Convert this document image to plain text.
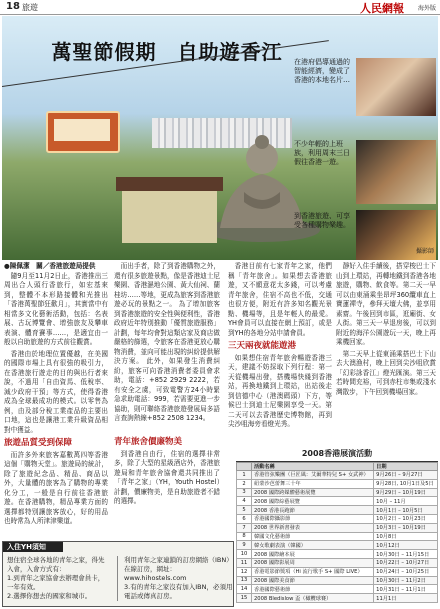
18 旅遊	人民網報 海外版
萬聖節假期　自助遊香江	在港府倡導通過的智能經濟，變成了香港的本地名片…
不少年輕的上班族，利用周末三日假往香港一遊。
到香港旅遊、可享受各種購物樂趣。
攝影師
●陳佩潔　關／香港旅遊局提供

隨9月至11月2日止，香港推出三周出合人頭行香旅行，如宏基來到，整體不本形路接體和光推出「香港萬聖節狂歡月」，其實當中有相當多文化藝術活動，包括：名表展、古玩博覽會、增強旅友及攀車表演、體育賽事……，是適宜由一般以自助旅遊的方式前往觀賞。

香港由於地理位置優越，在美國的國際市場上具有很強的吸引力，在香港旅行遊走的目的與出行者來說，不過用「自由資馬、低稅率、減少政府干預」等方式，使得香港成為全球最成功的模式。以零售為例，由及部分稅工業產品的主要出口地，這也是讓港工業升級資品相對中獲益。

旅遊品質受到保障

而許多外來旅客嘉數萬四等香港這個「購物天堂」。旅遊局的統計，除了旅遊紀念品、精品、商品以外，大量體的旅客為了購物的專業化分工，一般是自行前往香港旅遊。在香港購物，精品專業方面的選擇都特別讓旅客放心，好的用品也時常為人所津津樂道。

而出手者，除了到香港購物之外，還有很多旅遊景點，像是香港迪士尼樂園、香港濕地公園、黃大仙祠、蘭桂坊……等地，更成為旅客到香港旅遊必玩的景點之一。 為了增加旅客到香港旅遊的安全性與便利性，香港政府近年特別推動「優質旅遊服務」計劃，每年均會對這類店家及商店做嚴格的篩選，令旅客在香港更放心購物消費，並向可能出現的糾紛提供解決方案。 此外，如果發生消費糾紛，旅客可向香港消費者委員會求助，電話：+852 2929 2222，若有安全之虞，可致電警方24小時緊急求助電話：999，若需要更進一步協助，則可聯絡香港旅遊發展局多語言查詢熱線+852 2508 1234。

青年旅舍價廉物美

到香港自由行，住宿的選擇非常多，除了大型的星級酒店外，香港旅遊局和青年旅舍協會還共同推出了「青年之家」（YH，Youth Hostel）計劃，價廉物美，是自助旅遊者不錯的選擇。

香港目前有七家青年之家，他們稱「青年旅舍」。如果想去香港旅遊，又不願意花太多錢，可以考慮青年旅舍，住宿不高也不低，交通也很方便，附近有許多知名觀光景點、機場等，且是年輕人的最愛。YH會員可以直接在網上預訂，或是到YH的各地分站申請會員。

三天兩夜就能遊港

如果想住宿青年旅舍暢遊香港三天，建議不妨採取下列行程：第一天從機場出發，搭機場快綫到香港站，再換地鐵到上環站，出站後走到信德中心（港澳碼頭）下方，等候巴士到迪士尼樂園享受一天。第二天可以去香港歷史博物館，再到尖沙咀海旁看燈光秀。

靜好入住手續後，搭穿梭巴士下山到上環站，再轉地鐵到香港各地旅遊，購物、飲食等。第二天一早可以由東涌乘坐昂坪360纜車直上寶蓮禪寺，參拜天壇大佛，並享用素齋。午後回到市區，逛廟街、女人街。第三天一早退房後，可以到附近的海洋公園遊玩一天，晚上再乘機回家。

第二天早上從東涌乘搭巴士下山去大澳漁村，晚上回到尖沙咀欣賞「幻彩詠香江」燈光匯演。第三天若時間充裕，可到赤柱市集或淺水灣散步，下午回到機場回家。

入住YH須知
想住宿全球各地的青年之家，得先入會，入會方式有：
1.到青年之家協會去辦理會員卡，一年有效。
2.選擇你想去的國家和城市。
利用青年之家連鎖的訂房網絡（IBN）在線訂房，網址：www.hihostels.com
3.有的青年之家沒有加入IBN，必須用電話或傳真訂房。
2008香港展演活動
	活動名稱	日期
1	香港管弦樂團（巨匠風：艾爾華特兒 S+ 女武神）	9月26日 – 9月27日
2	紐蒙沙芭蕾舞三十年	9月28日, 10月1日及5日
3	2008 國際跨媒體藝術展覽	9月29日 – 10月19日
4	2008 國際綜藝展覽	10月 – 11月
5	2008 香港長跑節	10月1日 – 10月5日
6	香港國際攝影節	10月2日 – 10月23日
7	2008 世界新書發表	10月3日 – 10月19日
8	韓國文化藝術節	10月8日
9	韓女歌劇表演（韓國）	10月12日
10	2008 國際繪本展	10月30日 – 11月15日
11	2008 國際影展周	10月22日 – 10月27日
12	香港電影節獎項（Hi 流行歌手 S+ 國際 LIVE）	10月24日 – 10月25日
13	2008 國際美食節	10月30日 – 11月2日
14	香港國際藝術節	10月31日 – 11月1日
15	2008 Bledislow 盃（橄欖球賽）	11月1日
